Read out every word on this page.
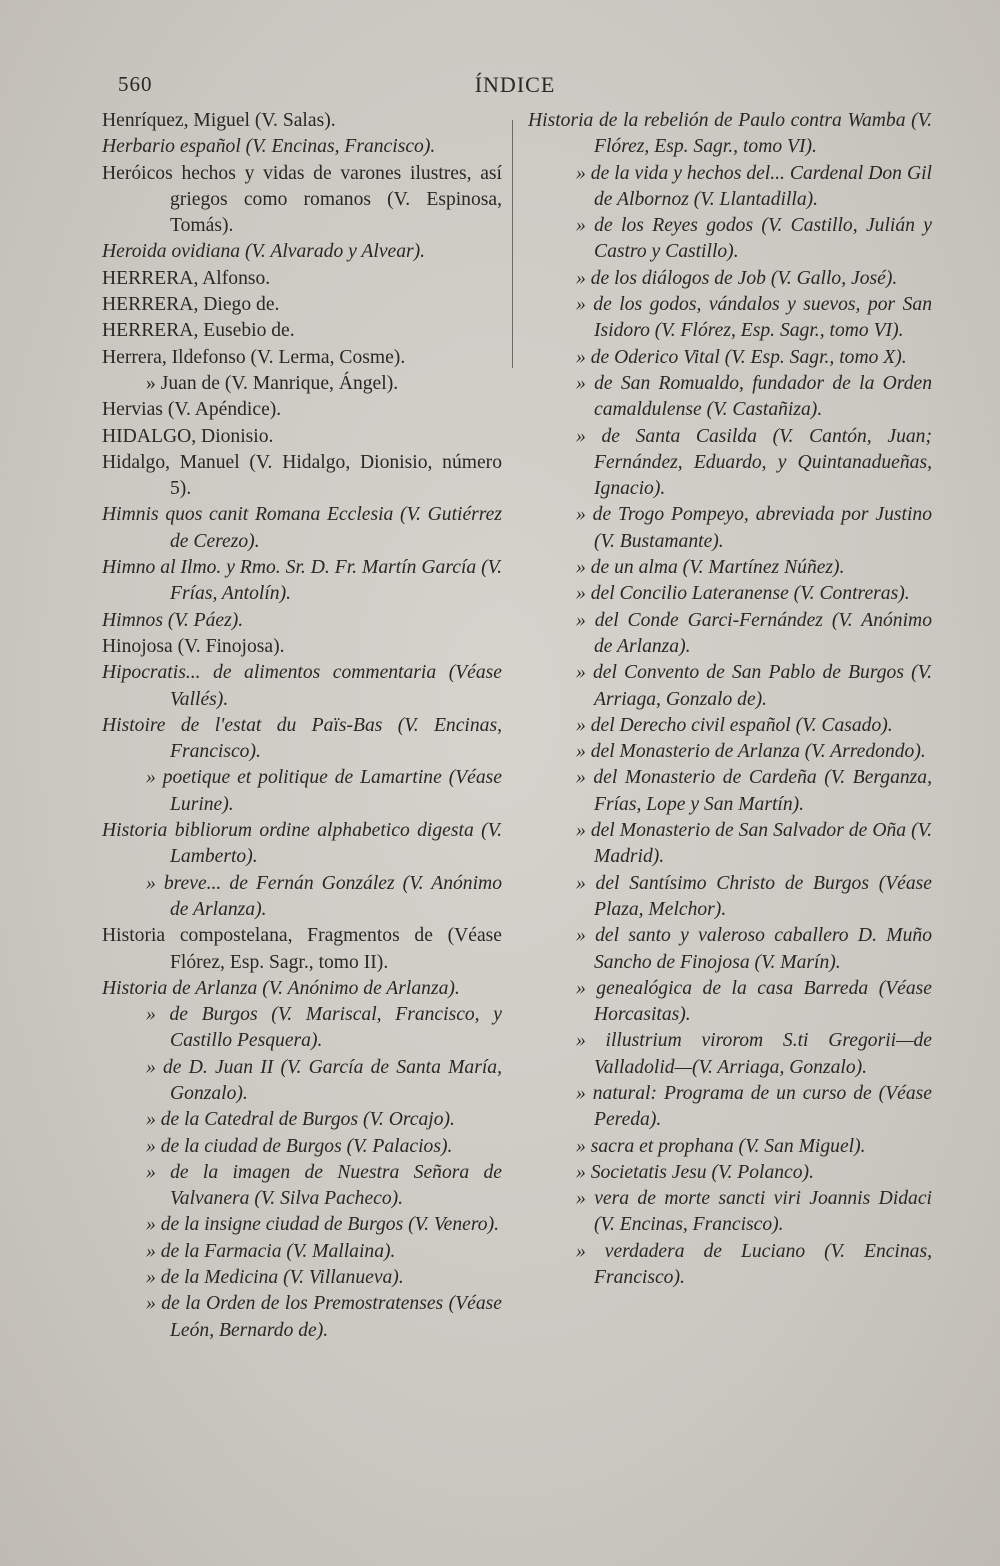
560	ÍNDICE
Henríquez, Miguel (V. Salas).
Herbario español (V. Encinas, Francisco).
Heróicos hechos y vidas de varones ilustres, así griegos como romanos (V. Espinosa, Tomás).
Heroida ovidiana (V. Alvarado y Alvear).
HERRERA, Alfonso.
HERRERA, Diego de.
HERRERA, Eusebio de.
Herrera, Ildefonso (V. Lerma, Cosme).
» Juan de (V. Manrique, Ángel).
Hervias (V. Apéndice).
HIDALGO, Dionisio.
Hidalgo, Manuel (V. Hidalgo, Dionisio, número 5).
Himnis quos canit Romana Ecclesia (V. Gutiérrez de Cerezo).
Himno al Ilmo. y Rmo. Sr. D. Fr. Martín García (V. Frías, Antolín).
Himnos (V. Páez).
Hinojosa (V. Finojosa).
Hipocratis... de alimentos commentaria (Véase Vallés).
Histoire de l'estat du Païs-Bas (V. Encinas, Francisco).
» poetique et politique de Lamartine (Véase Lurine).
Historia bibliorum ordine alphabetico digesta (V. Lamberto).
» breve... de Fernán González (V. Anónimo de Arlanza).
Historia compostelana, Fragmentos de (Véase Flórez, Esp. Sagr., tomo II).
Historia de Arlanza (V. Anónimo de Arlanza).
» de Burgos (V. Mariscal, Francisco, y Castillo Pesquera).
» de D. Juan II (V. García de Santa María, Gonzalo).
» de la Catedral de Burgos (V. Orcajo).
» de la ciudad de Burgos (V. Palacios).
» de la imagen de Nuestra Señora de Valvanera (V. Silva Pacheco).
» de la insigne ciudad de Burgos (V. Venero).
» de la Farmacia (V. Mallaina).
» de la Medicina (V. Villanueva).
» de la Orden de los Premostratenses (Véase León, Bernardo de).
Historia de la rebelión de Paulo contra Wamba (V. Flórez, Esp. Sagr., tomo VI).
» de la vida y hechos del... Cardenal Don Gil de Albornoz (V. Llantadilla).
» de los Reyes godos (V. Castillo, Julián y Castro y Castillo).
» de los diálogos de Job (V. Gallo, José).
» de los godos, vándalos y suevos, por San Isidoro (V. Flórez, Esp. Sagr., tomo VI).
» de Oderico Vital (V. Esp. Sagr., tomo X).
» de San Romualdo, fundador de la Orden camaldulense (V. Castañiza).
» de Santa Casilda (V. Cantón, Juan; Fernández, Eduardo, y Quintanadueñas, Ignacio).
» de Trogo Pompeyo, abreviada por Justino (V. Bustamante).
» de un alma (V. Martínez Núñez).
» del Concilio Lateranense (V. Contreras).
» del Conde Garci-Fernández (V. Anónimo de Arlanza).
» del Convento de San Pablo de Burgos (V. Arriaga, Gonzalo de).
» del Derecho civil español (V. Casado).
» del Monasterio de Arlanza (V. Arredondo).
» del Monasterio de Cardeña (V. Berganza, Frías, Lope y San Martín).
» del Monasterio de San Salvador de Oña (V. Madrid).
» del Santísimo Christo de Burgos (Véase Plaza, Melchor).
» del santo y valeroso caballero D. Muño Sancho de Finojosa (V. Marín).
» genealógica de la casa Barreda (Véase Horcasitas).
» illustrium virorom S.ti Gregorii—de Valladolid—(V. Arriaga, Gonzalo).
» natural: Programa de un curso de (Véase Pereda).
» sacra et prophana (V. San Miguel).
» Societatis Jesu (V. Polanco).
» vera de morte sancti viri Joannis Didaci (V. Encinas, Francisco).
» verdadera de Luciano (V. Encinas, Francisco).
